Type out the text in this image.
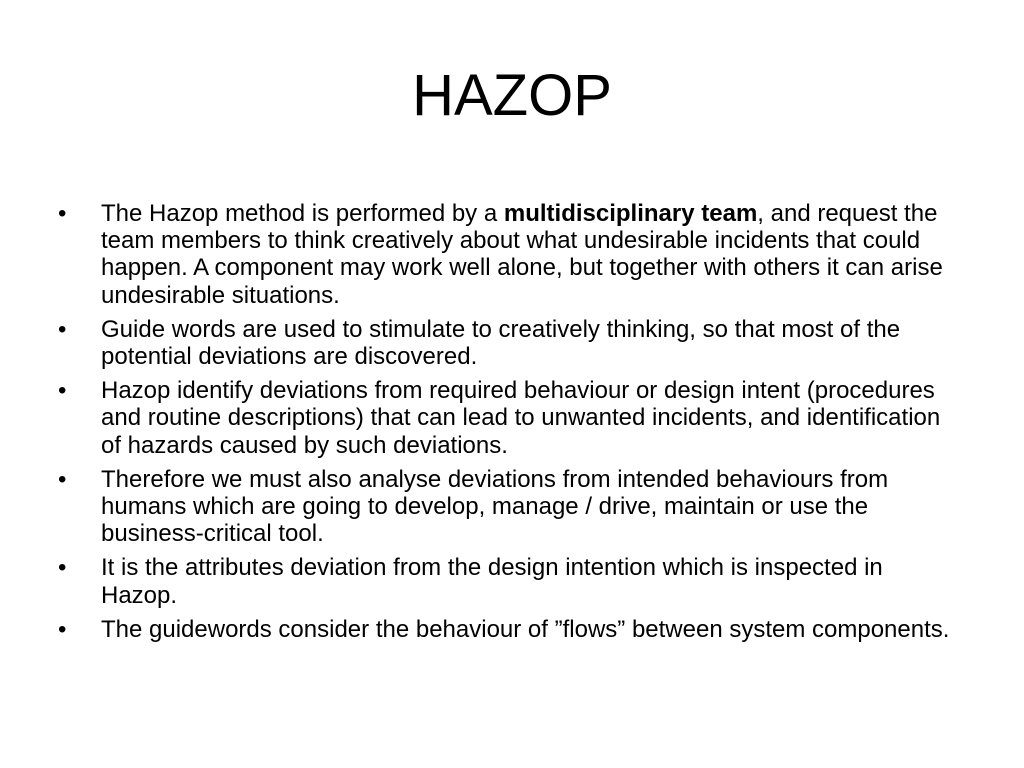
HAZOP
•	The Hazop method is performed by a multidisciplinary team, and request the team members to think creatively about what undesirable incidents that could happen. A component may work well alone, but together with others it can arise undesirable situations.
•	Guide words are used to stimulate to creatively thinking, so that most of the potential deviations are discovered.
•	Hazop identify deviations from required behaviour or design intent (procedures and routine descriptions) that can lead to unwanted incidents, and identification of hazards caused by such deviations.
•	Therefore we must also analyse deviations from intended behaviours from humans which are going to develop, manage / drive, maintain or use the business-critical tool.
•	It is the attributes deviation from the design intention which is inspected in Hazop.
•	The guidewords consider the behaviour of ”flows” between system components.
